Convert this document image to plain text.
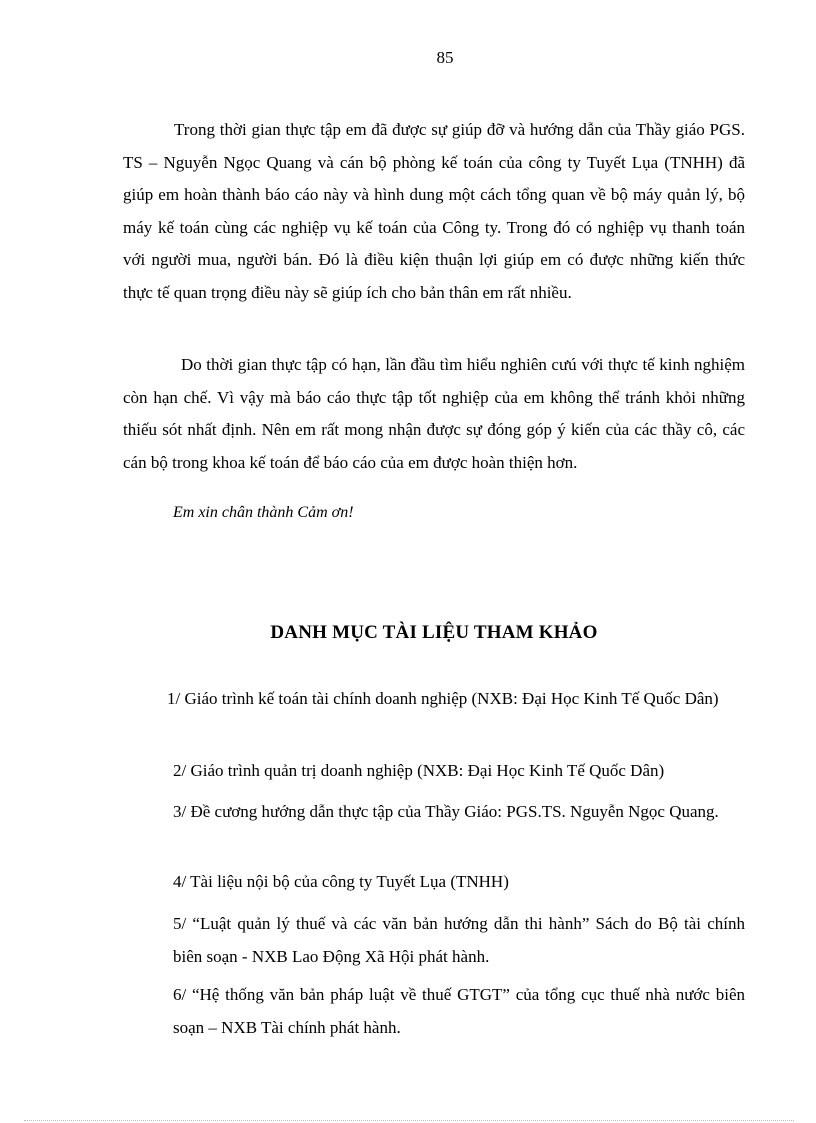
85

Trong thời gian thực tập em đã được sự giúp đỡ và hướng dẫn của Thầy giáo PGS. TS – Nguyễn Ngọc Quang và cán bộ phòng kế toán của công ty Tuyết Lụa (TNHH) đã giúp em hoàn thành báo cáo này và hình dung một cách tổng quan về bộ máy quản lý, bộ máy kế toán cùng các nghiệp vụ kế toán của Công ty. Trong đó có nghiệp vụ thanh toán với người mua, người bán. Đó là điều kiện thuận lợi giúp em có được những kiến thức thực tế quan trọng điều này sẽ giúp ích cho bản thân em rất nhiều.

Do thời gian thực tập có hạn, lần đầu tìm hiểu nghiên cưú với thực tế kinh nghiệm còn hạn chế. Vì vậy mà báo cáo thực tập tốt nghiệp của em không thể tránh khỏi những thiếu sót nhất định. Nên em rất mong nhận được sự đóng góp ý kiến của các thầy cô, các cán bộ trong khoa kế toán để báo cáo của em được hoàn thiện hơn.

Em xin chân thành Cảm ơn!
DANH MỤC TÀI LIỆU THAM KHẢO

1/ Giáo trình kế toán tài chính doanh nghiệp (NXB: Đại Học Kinh Tế Quốc Dân)

2/ Giáo trình quản trị doanh nghiệp (NXB: Đại Học Kinh Tế Quốc Dân)

3/ Đề cương hướng dẫn thực tập của Thầy Giáo: PGS.TS. Nguyễn Ngọc Quang.

4/ Tài liệu nội bộ của công ty Tuyết Lụa (TNHH)

5/ “Luật quản lý thuế và các văn bản hướng dẫn thi hành” Sách do Bộ tài chính biên soạn - NXB Lao Động Xã Hội phát hành.

6/ “Hệ thống văn bản pháp luật về thuế GTGT” của tổng cục thuế nhà nước biên soạn – NXB Tài chính phát hành.
